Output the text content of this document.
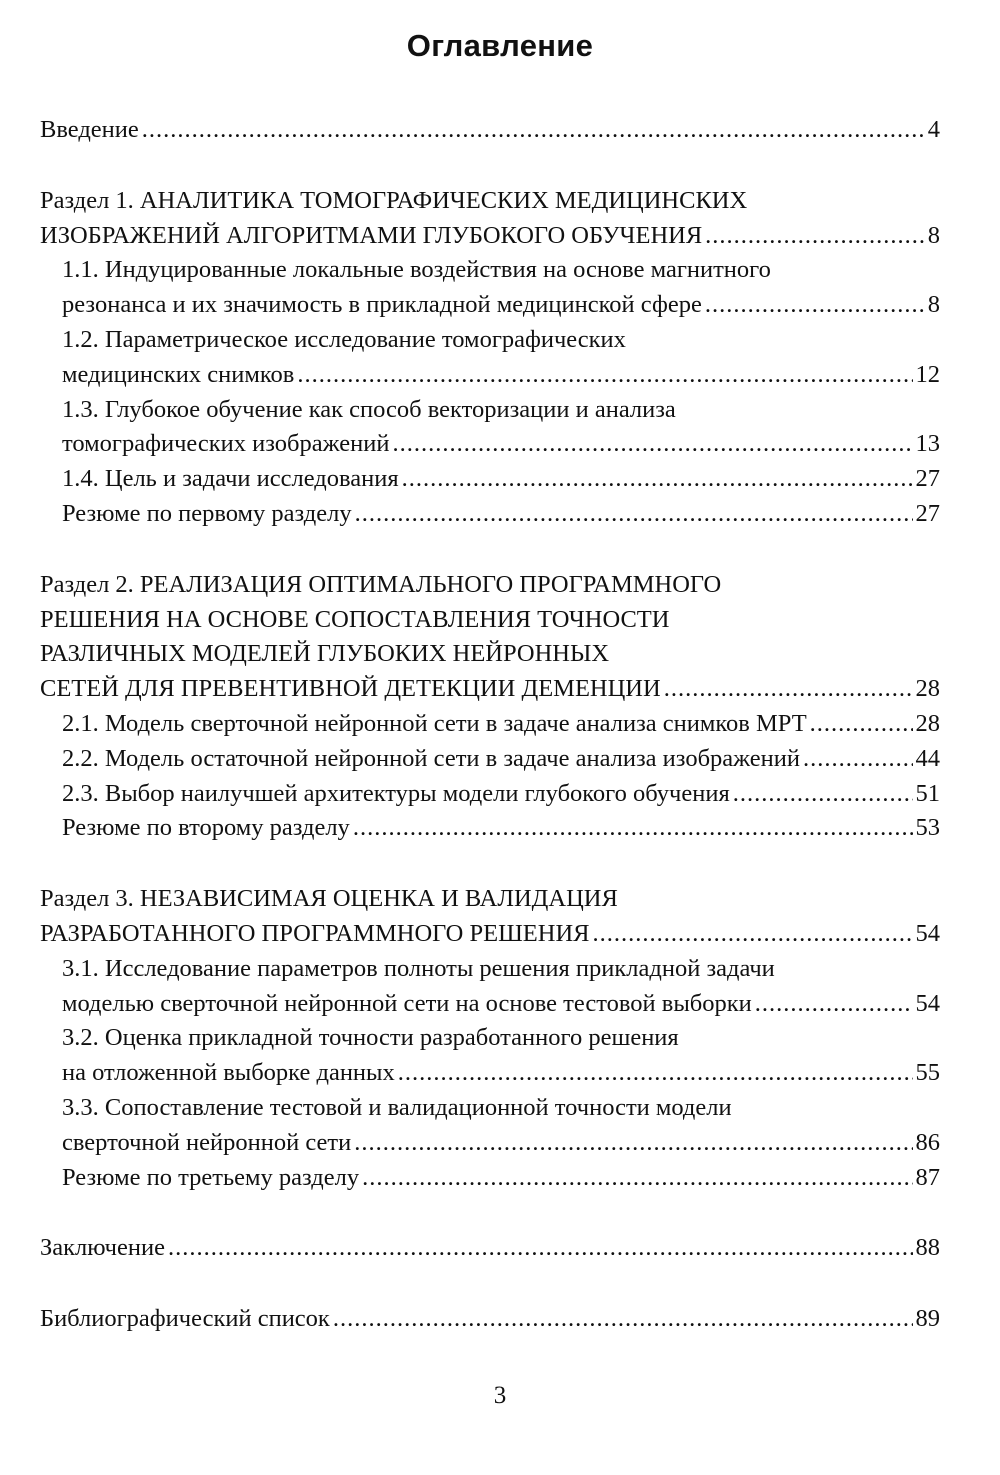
Оглавление
Введение .....	4
Раздел 1. АНАЛИТИКА ТОМОГРАФИЧЕСКИХ МЕДИЦИНСКИХ
ИЗОБРАЖЕНИЙ АЛГОРИТМАМИ ГЛУБОКОГО ОБУЧЕНИЯ .....	8
1.1. Индуцированные локальные воздействия на основе магнитного
резонанса и их значимость в прикладной медицинской сфере .....	8
1.2. Параметрическое исследование томографических
медицинских снимков .....	12
1.3. Глубокое обучение как способ векторизации и анализа
томографических изображений .....	13
1.4. Цель и задачи исследования .....	27
Резюме по первому разделу .....	27
Раздел 2. РЕАЛИЗАЦИЯ ОПТИМАЛЬНОГО ПРОГРАММНОГО
РЕШЕНИЯ НА ОСНОВЕ СОПОСТАВЛЕНИЯ ТОЧНОСТИ
РАЗЛИЧНЫХ МОДЕЛЕЙ ГЛУБОКИХ НЕЙРОННЫХ
СЕТЕЙ ДЛЯ ПРЕВЕНТИВНОЙ ДЕТЕКЦИИ ДЕМЕНЦИИ .....	28
2.1. Модель сверточной нейронной сети в задаче анализа снимков МРТ .....	28
2.2. Модель остаточной нейронной сети в задаче анализа изображений .....	44
2.3. Выбор наилучшей архитектуры модели глубокого обучения .....	51
Резюме по второму разделу .....	53
Раздел 3. НЕЗАВИСИМАЯ ОЦЕНКА И ВАЛИДАЦИЯ
РАЗРАБОТАННОГО ПРОГРАММНОГО РЕШЕНИЯ .....	54
3.1. Исследование параметров полноты решения прикладной задачи
моделью сверточной нейронной сети на основе тестовой выборки .....	54
3.2. Оценка прикладной точности разработанного решения
на отложенной выборке данных .....	55
3.3. Сопоставление тестовой и валидационной точности модели
сверточной нейронной сети .....	86
Резюме по третьему разделу .....	87
Заключение .....	88
Библиографический список .....	89
3
